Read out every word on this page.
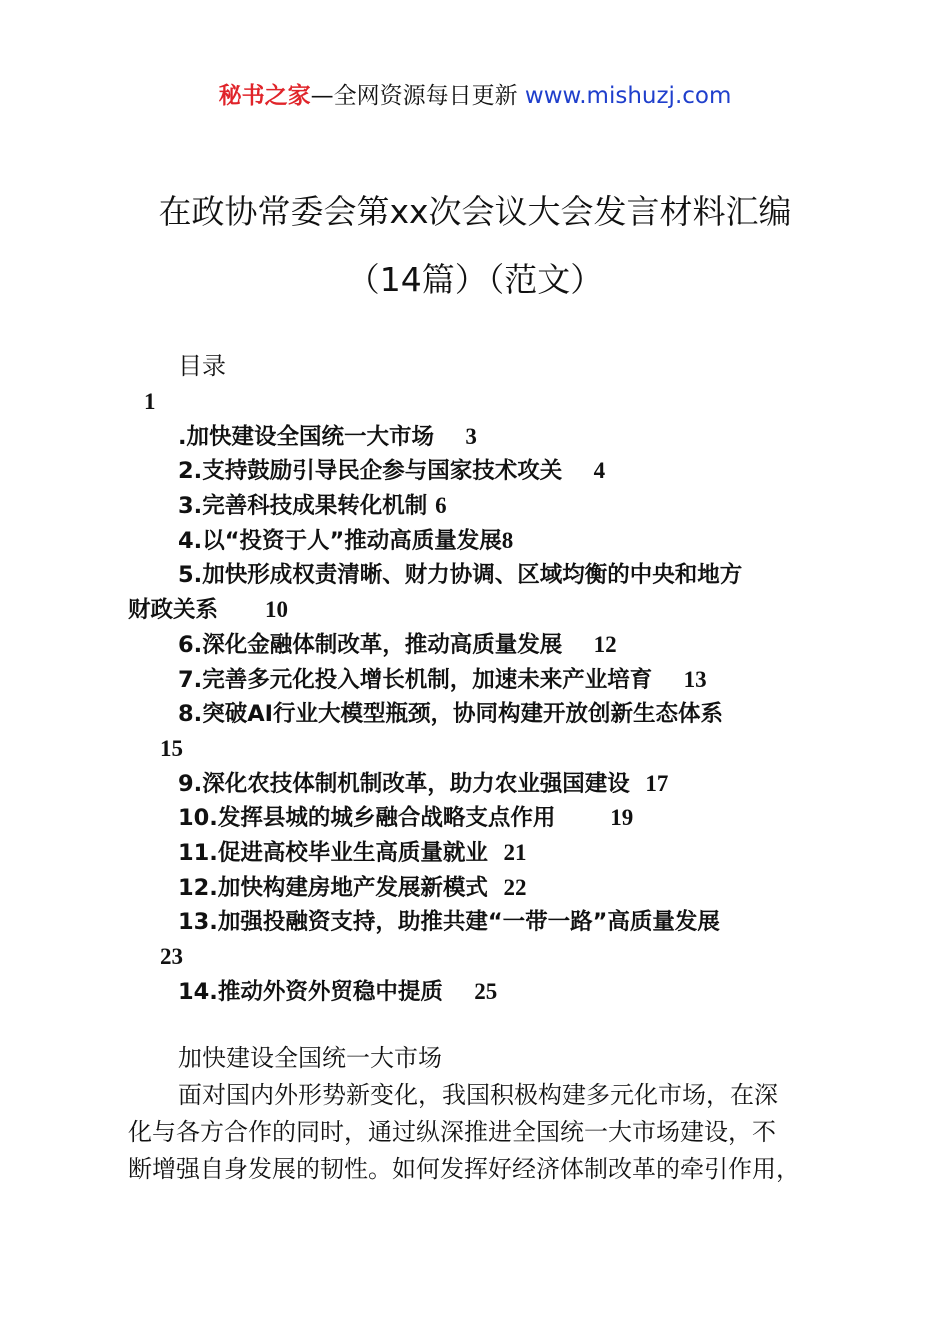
秘书之家—全网资源每日更新 www.mishuzj.com
在政协常委会第xx次会议大会发言材料汇编
（14篇）（范文）
目录
1
.加快建设全国统一大市场 3
2.支持鼓励引导民企参与国家技术攻关 4
3.完善科技成果转化机制 6
4.以“投资于人”推动高质量发展8
5.加快形成权责清晰、财力协调、区域均衡的中央和地方
财政关系 10
6.深化金融体制改革，推动高质量发展 12
7.完善多元化投入增长机制，加速未来产业培育 13
8.突破AI行业大模型瓶颈，协同构建开放创新生态体系
15
9.深化农技体制机制改革，助力农业强国建设 17
10.发挥县城的城乡融合战略支点作用 19
11.促进高校毕业生高质量就业 21
12.加快构建房地产发展新模式 22
13.加强投融资支持，助推共建“一带一路”高质量发展
23
14.推动外资外贸稳中提质 25
加快建设全国统一大市场
面对国内外形势新变化，我国积极构建多元化市场，在深
化与各方合作的同时，通过纵深推进全国统一大市场建设，不
断增强自身发展的韧性。如何发挥好经济体制改革的牵引作用，
